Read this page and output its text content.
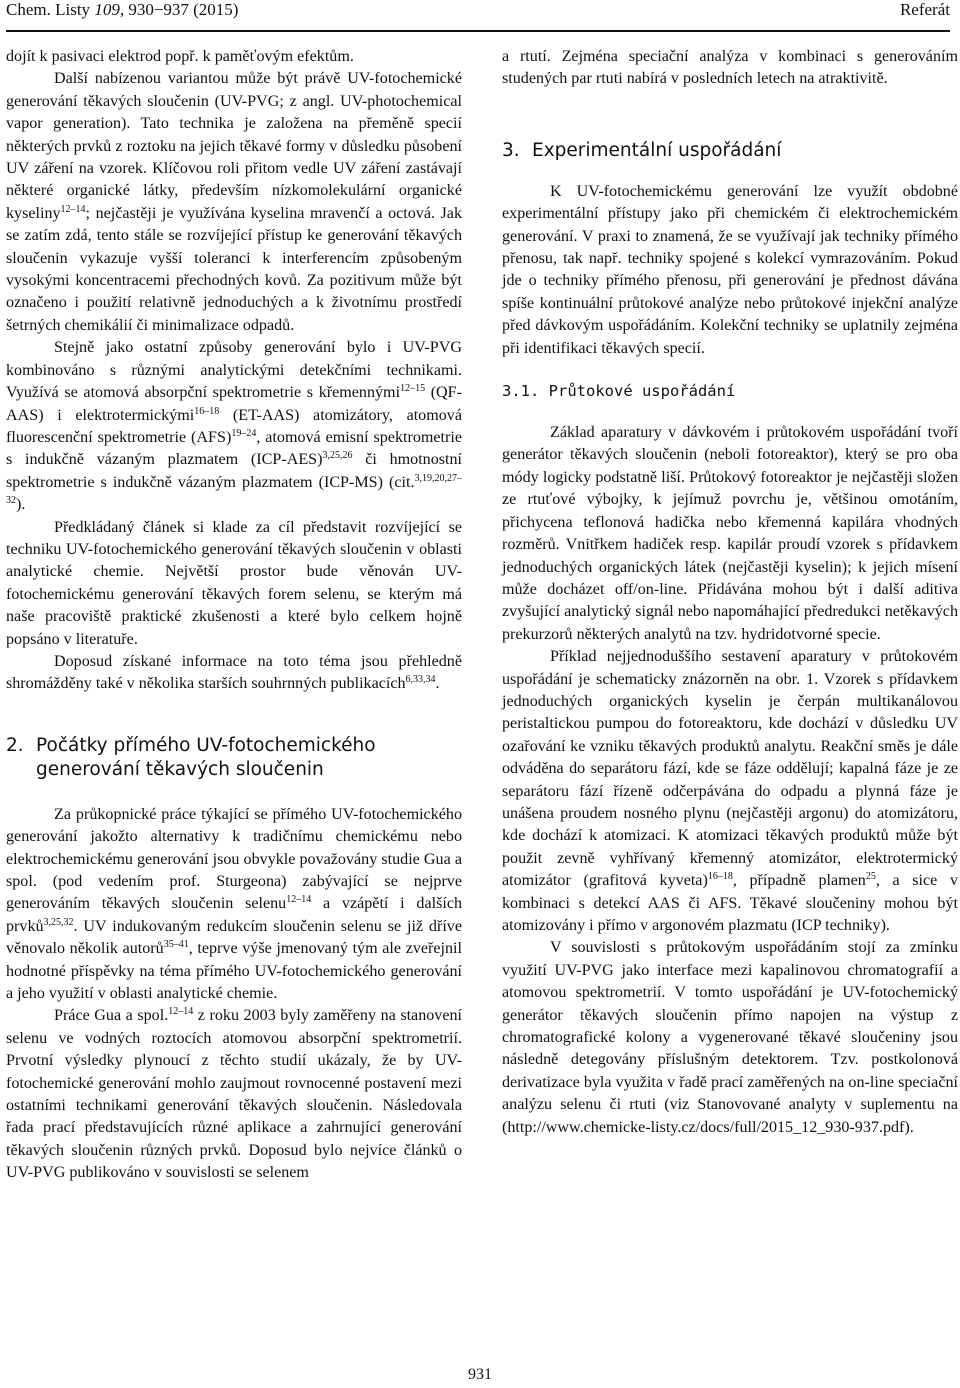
Chem. Listy 109, 930−937 (2015)	Referát

dojít k pasivaci elektrod popř. k paměťovým efektům.

Další nabízenou variantou může být právě UV-fotochemické generování těkavých sloučenin (UV-PVG; z angl. UV-photochemical vapor generation). Tato technika je založena na přeměně specií některých prvků z roztoku na jejich těkavé formy v důsledku působení UV záření na vzorek. Klíčovou roli přitom vedle UV záření zastávají některé organické látky, především nízkomolekulární organické kyseliny$^{12-14}$; nejčastěji je využívána kyselina mravenčí a octová. Jak se zatím zdá, tento stále se rozvíjející přístup ke generování těkavých sloučenin vykazuje vyšší toleranci k interferencím způsobeným vysokými koncentracemi přechodných kovů. Za pozitivum může být označeno i použití relativně jednoduchých a k životnímu prostředí šetrných chemikálií či minimalizace odpadů.

Stejně jako ostatní způsoby generování bylo i UV-PVG kombinováno s různými analytickými detekčními technikami. Využívá se atomová absorpční spektrometrie s křemennými$^{12-15}$ (QF-AAS) i elektrotermickými$^{16-18}$ (ET-AAS) atomizátory, atomová fluorescenční spektrometrie (AFS)$^{19-24}$, atomová emisní spektrometrie s indukčně vázaným plazmatem $(ICP-AES)^{3,25,26}$ či hmotnostní spektrometrie s indukčně vázaným plazmatem (ICP-MS) (cit.$^{3,19,20,27-32}$).

Předkládaný článek si klade za cíl představit rozvíjející se techniku UV-fotochemického generování těkavých sloučenin v oblasti analytické chemie. Největší prostor bude věnován UV-fotochemickému generování těkavých forem selenu, se kterým má naše pracoviště praktické zkušenosti a které bylo celkem hojně popsáno v literatuře.

Doposud získané informace na toto téma jsou přehledně shromážděny také v několika starších souhrnných publikacích$^{6,33,34}$.

2. Počátky přímého UV-fotochemického
generování těkavých sloučenin

Za průkopnické práce týkající se přímého UV-fotochemického generování jakožto alternativy k tradičnímu chemickému nebo elektrochemickému generování jsou obvykle považovány studie Gua a spol. (pod vedením prof. Sturgeona) zabývající se nejprve generováním těkavých sloučenin selenu$^{12-14}$ a vzápětí i dalších prvků$^{3,25,32}$. UV indukovaným redukcím sloučenin selenu se již dříve věnovalo několik autorů$^{35-41}$, teprve výše jmenovaný tým ale zveřejnil hodnotné příspěvky na téma přímého UV-fotochemického generování a jeho využití v oblasti analytické chemie.

Práce Gua a spol.$^{12-14}$ z roku 2003 byly zaměřeny na stanovení selenu ve vodných roztocích atomovou absorpční spektrometrií. Prvotní výsledky plynoucí z těchto studií ukázaly, že by UV-fotochemické generování mohlo zaujmout rovnocenné postavení mezi ostatními technikami generování těkavých sloučenin. Následovala řada prací představujících různé aplikace a zahrnující generování těkavých sloučenin různých prvků. Doposud bylo nejvíce článků o UV-PVG publikováno v souvislosti se selenem

a rtutí. Zejména speciační analýza v kombinaci s generováním studených par rtuti nabírá v posledních letech na atraktivitě.

3. Experimentální uspořádání

K UV-fotochemickému generování lze využít obdobné experimentální přístupy jako při chemickém či elektrochemickém generování. V praxi to znamená, že se využívají jak techniky přímého přenosu, tak např. techniky spojené s kolekcí vymrazováním. Pokud jde o techniky přímého přenosu, při generování je přednost dávána spíše kontinuální průtokové analýze nebo průtokové injekční analýze před dávkovým uspořádáním. Kolekční techniky se uplatnily zejména při identifikaci těkavých specií.

3.1. Průtokové uspořádání

Základ aparatury v dávkovém i průtokovém uspořádání tvoří generátor těkavých sloučenin (neboli fotoreaktor), který se pro oba módy logicky podstatně liší. Průtokový fotoreaktor je nejčastěji složen ze rtuťové výbojky, k jejímuž povrchu je, většinou omotáním, přichycena teflonová hadička nebo křemenná kapilára vhodných rozměrů. Vnitřkem hadiček resp. kapilár proudí vzorek s přídavkem jednoduchých organických látek (nejčastěji kyselin); k jejich mísení může docházet off/on-line. Přidávána mohou být i další aditiva zvyšující analytický signál nebo napomáhající předredukci netěkavých prekurzorů některých analytů na tzv. hydridotvorné specie.

Příklad nejjednoduššího sestavení aparatury v průtokovém uspořádání je schematicky znázorněn na obr. 1. Vzorek s přídavkem jednoduchých organických kyselin je čerpán multikanálovou peristaltickou pumpou do fotoreaktoru, kde dochází v důsledku UV ozařování ke vzniku těkavých produktů analytu. Reakční směs je dále odváděna do separátoru fází, kde se fáze oddělují; kapalná fáze je ze separátoru fází řízeně odčerpávána do odpadu a plynná fáze je unášena proudem nosného plynu (nejčastěji argonu) do atomizátoru, kde dochází k atomizaci. K atomizaci těkavých produktů může být použit zevně vyhřívaný křemenný atomizátor, elektrotermický atomizátor (grafitová kyveta)$^{16-18}$, případně plamen$^{25}$, a sice v kombinaci s detekcí AAS či AFS. Těkavé sloučeniny mohou být atomizovány i přímo v argonovém plazmatu (ICP techniky).

V souvislosti s průtokovým uspořádáním stojí za zmínku využití UV-PVG jako interface mezi kapalinovou chromatografií a atomovou spektrometrií. V tomto uspořádání je UV-fotochemický generátor těkavých sloučenin přímo napojen na výstup z chromatografické kolony a vygenerované těkavé sloučeniny jsou následně detegovány příslušným detektorem. Tzv. postkolonová derivatizace byla využita v řadě prací zaměřených na on-line speciační analýzu selenu či rtuti (viz Stanovované analyty v suplementu na (http://www.chemicke-listy.cz/docs/full/2015_12_930-937.pdf).

931
